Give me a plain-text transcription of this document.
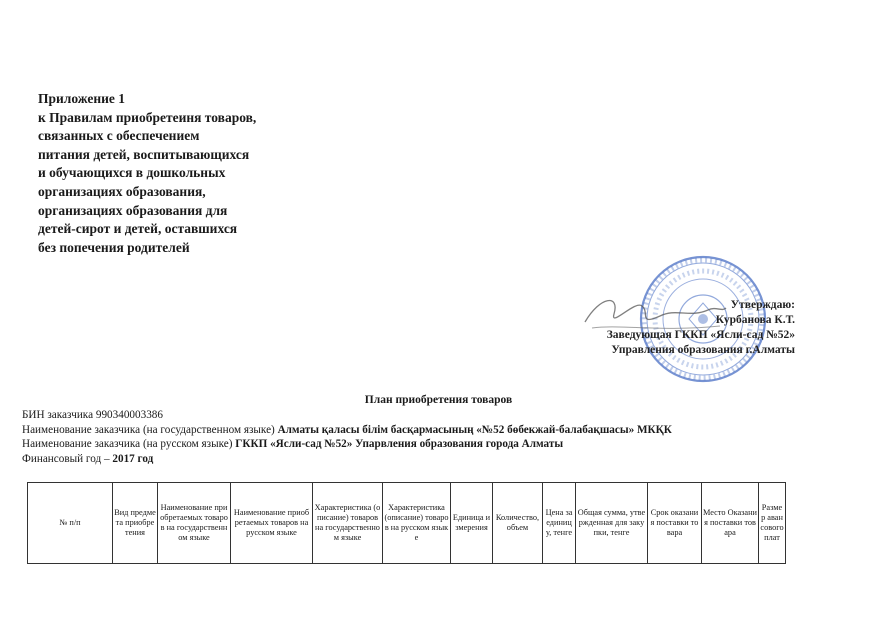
Приложение 1
к Правилам приобретеиня товаров,
связанных с обеспечением
питания детей, воспитывающихся
и обучающихся в дошкольных
организациях образования,
организациях образования для
детей-сирот и детей, оставшихся
без попечения родителей
Утверждаю:
Курбанова К.Т.
Заведующая ГККП «Ясли-сад №52»
Управления образования г.Алматы
План приобретения товаров
БИН заказчика 990340003386
Наименование заказчика (на государственном языке) Алматы қаласы білім басқармасының «№52 бөбекжай-балабақшасы» МКҚК
Наименование заказчика (на русском языке) ГККП «Ясли-сад №52» Упарвления образования города Алматы
Финансовый год – 2017 год
№ п/п	Вид предмета приобретения	Наименование приобретаемых товаров на государственном языке	Наименование приобретаемых товаров на русском языке	Характеристика (описание) товаров на государственном языке	Характеристика (описание) товаров на русском языке	Единица измерения	Количество, объем	Цена за единицу, тенге	Общая сумма, утвержденная для закупки, тенге	Срок оказания поставки товара	Место Оказания поставки товара	Размер авансового плат
